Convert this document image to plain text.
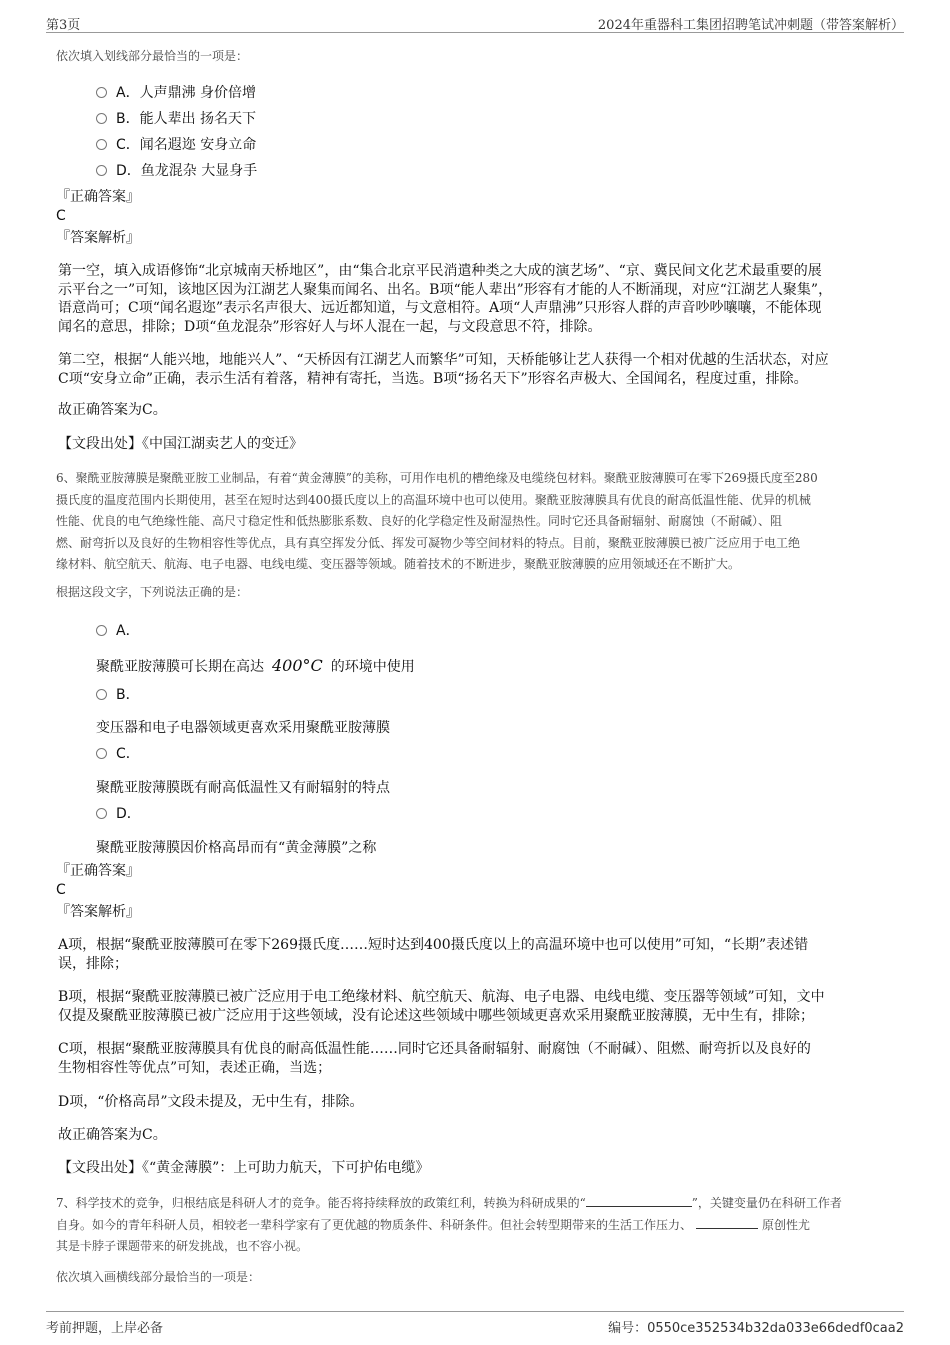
第3页	2024年重器科工集团招聘笔试冲刺题（带答案解析）
依次填入划线部分最恰当的一项是：
A．人声鼎沸 身价倍增
B．能人辈出 扬名天下
C．闻名遐迩 安身立命
D．鱼龙混杂 大显身手
『正确答案』
C
『答案解析』
第一空，填入成语修饰“北京城南天桥地区”，由“集合北京平民消遣种类之大成的演艺场”、“京、冀民间文化艺术最重要的展
示平台之一”可知，该地区因为江湖艺人聚集而闻名、出名。B项“能人辈出”形容有才能的人不断涌现，对应“江湖艺人聚集”，
语意尚可；C项“闻名遐迩”表示名声很大、远近都知道，与文意相符。A项“人声鼎沸”只形容人群的声音吵吵嚷嚷，不能体现
闻名的意思，排除；D项“鱼龙混杂”形容好人与坏人混在一起，与文段意思不符，排除。
第二空，根据“人能兴地，地能兴人”、“天桥因有江湖艺人而繁华”可知，天桥能够让艺人获得一个相对优越的生活状态，对应
C项“安身立命”正确，表示生活有着落，精神有寄托，当选。B项“扬名天下”形容名声极大、全国闻名，程度过重，排除。
故正确答案为C。
【文段出处】《中国江湖卖艺人的变迁》
6、聚酰亚胺薄膜是聚酰亚胺工业制品，有着“黄金薄膜”的美称，可用作电机的槽绝缘及电缆绕包材料。聚酰亚胺薄膜可在零下269摄氏度至280
摄氏度的温度范围内长期使用，甚至在短时达到400摄氏度以上的高温环境中也可以使用。聚酰亚胺薄膜具有优良的耐高低温性能、优异的机械
性能、优良的电气绝缘性能、高尺寸稳定性和低热膨胀系数、良好的化学稳定性及耐湿热性。同时它还具备耐辐射、耐腐蚀（不耐碱）、阻
燃、耐弯折以及良好的生物相容性等优点，具有真空挥发分低、挥发可凝物少等空间材料的特点。目前，聚酰亚胺薄膜已被广泛应用于电工绝
缘材料、航空航天、航海、电子电器、电线电缆、变压器等领域。随着技术的不断进步，聚酰亚胺薄膜的应用领域还在不断扩大。
根据这段文字，下列说法正确的是：
A．
聚酰亚胺薄膜可长期在高达 400°C 的环境中使用
B．
变压器和电子电器领域更喜欢采用聚酰亚胺薄膜
C．
聚酰亚胺薄膜既有耐高低温性又有耐辐射的特点
D．
聚酰亚胺薄膜因价格高昂而有“黄金薄膜”之称
『正确答案』
C
『答案解析』
A项，根据“聚酰亚胺薄膜可在零下269摄氏度……短时达到400摄氏度以上的高温环境中也可以使用”可知，“长期”表述错
误，排除；
B项，根据“聚酰亚胺薄膜已被广泛应用于电工绝缘材料、航空航天、航海、电子电器、电线电缆、变压器等领域”可知，文中
仅提及聚酰亚胺薄膜已被广泛应用于这些领域，没有论述这些领域中哪些领域更喜欢采用聚酰亚胺薄膜，无中生有，排除；
C项，根据“聚酰亚胺薄膜具有优良的耐高低温性能……同时它还具备耐辐射、耐腐蚀（不耐碱）、阻燃、耐弯折以及良好的
生物相容性等优点”可知，表述正确，当选；
D项，“价格高昂”文段未提及，无中生有，排除。
故正确答案为C。
【文段出处】《“黄金薄膜”：上可助力航天，下可护佑电缆》
7、科学技术的竞争，归根结底是科研人才的竞争。能否将持续释放的政策红利，转换为科研成果的“	”，关键变量仍在科研工作者
自身。如今的青年科研人员，相较老一辈科学家有了更优越的物质条件、科研条件。但社会转型期带来的生活工作压力、	原创性尤
其是卡脖子课题带来的研发挑战，也不容小视。
依次填入画横线部分最恰当的一项是：
考前押题，上岸必备	编号：0550ce352534b32da033e66dedf0caa2
